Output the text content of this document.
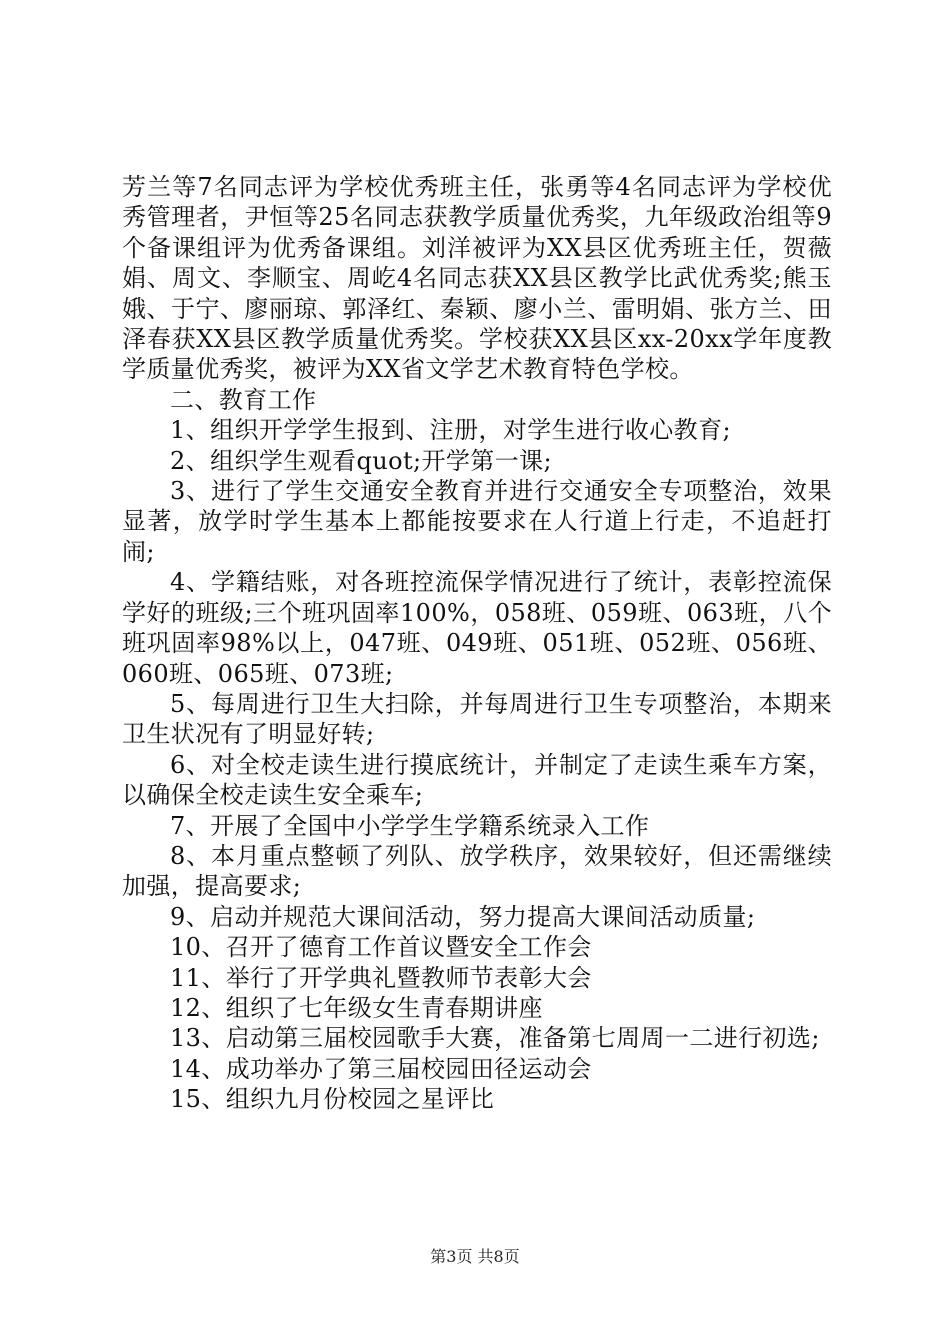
芳兰等7名同志评为学校优秀班主任，张勇等4名同志评为学校优秀管理者，尹恒等25名同志获教学质量优秀奖，九年级政治组等9个备课组评为优秀备课组。刘洋被评为XX县区优秀班主任，贺薇娟、周文、李顺宝、周屹4名同志获XX县区教学比武优秀奖;熊玉娥、于宁、廖丽琼、郭泽红、秦颖、廖小兰、雷明娟、张方兰、田泽春获XX县区教学质量优秀奖。学校获XX县区xx-20xx学年度教学质量优秀奖，被评为XX省文学艺术教育特色学校。

二、教育工作

1、组织开学学生报到、注册，对学生进行收心教育;

2、组织学生观看quot;开学第一课;

3、进行了学生交通安全教育并进行交通安全专项整治，效果显著，放学时学生基本上都能按要求在人行道上行走，不追赶打闹;

4、学籍结账，对各班控流保学情况进行了统计，表彰控流保学好的班级;三个班巩固率100%，058班、059班、063班，八个班巩固率98%以上，047班、049班、051班、052班、056班、060班、065班、073班;

5、每周进行卫生大扫除，并每周进行卫生专项整治，本期来卫生状况有了明显好转;

6、对全校走读生进行摸底统计，并制定了走读生乘车方案，以确保全校走读生安全乘车;

7、开展了全国中小学学生学籍系统录入工作

8、本月重点整顿了列队、放学秩序，效果较好，但还需继续加强，提高要求;

9、启动并规范大课间活动，努力提高大课间活动质量;

10、召开了德育工作首议暨安全工作会

11、举行了开学典礼暨教师节表彰大会

12、组织了七年级女生青春期讲座

13、启动第三届校园歌手大赛，准备第七周周一二进行初选;

14、成功举办了第三届校园田径运动会

15、组织九月份校园之星评比

第3页 共8页
